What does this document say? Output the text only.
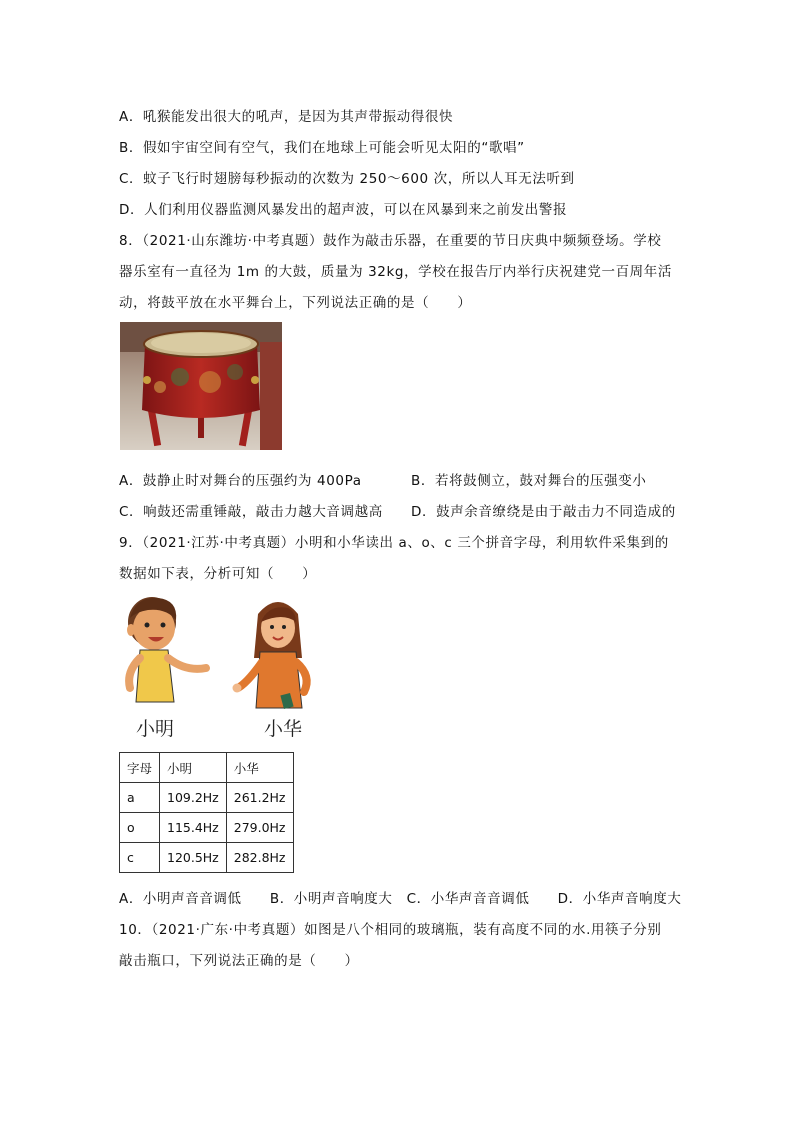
A．吼猴能发出很大的吼声，是因为其声带振动得很快
B．假如宇宙空间有空气，我们在地球上可能会听见太阳的“歌唱”
C．蚊子飞行时翅膀每秒振动的次数为 250～600 次，所以人耳无法听到
D．人们利用仪器监测风暴发出的超声波，可以在风暴到来之前发出警报
8．（2021·山东潍坊·中考真题）鼓作为敲击乐器，在重要的节日庆典中频频登场。学校
器乐室有一直径为 1m 的大鼓，质量为 32kg，学校在报告厅内举行庆祝建党一百周年活
动，将鼓平放在水平舞台上，下列说法正确的是（　　）
A．鼓静止时对舞台的压强约为 400Pa	B．若将鼓侧立，鼓对舞台的压强变小
C．响鼓还需重锤敲，敲击力越大音调越高	D．鼓声余音缭绕是由于敲击力不同造成的
9．（2021·江苏·中考真题）小明和小华读出 a、o、c 三个拼音字母，利用软件采集到的
数据如下表，分析可知（　　）
小明	小华
字母	小明	小华
a	109.2Hz	261.2Hz
o	115.4Hz	279.0Hz
c	120.5Hz	282.8Hz
A．小明声音音调低　　B．小明声音响度大　C．小华声音音调低　　D．小华声音响度大
10．（2021·广东·中考真题）如图是八个相同的玻璃瓶，装有高度不同的水.用筷子分别
敲击瓶口，下列说法正确的是（　　）
